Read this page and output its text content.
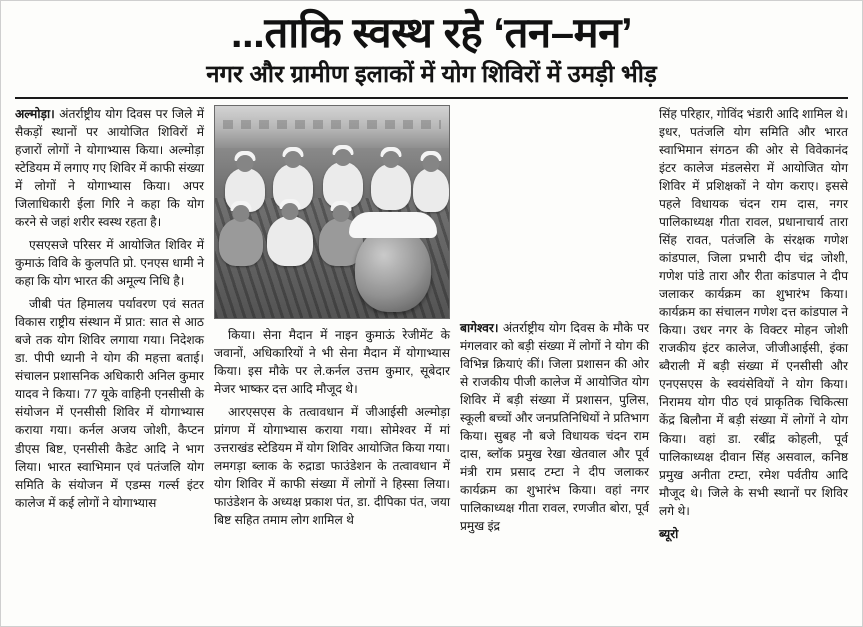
...ताकि स्वस्थ रहे ‘तन–मन’
नगर और ग्रामीण इलाकों में योग शिविरों में उमड़ी भीड़

अल्मोड़ा। अंतर्राष्ट्रीय योग दिवस पर जिले में सैकड़ों स्थानों पर आयोजित शिविरों में हजारों लोगों ने योगाभ्यास किया। अल्मोड़ा स्टेडियम में लगाए गए शिविर में काफी संख्या में लोगों ने योगाभ्यास किया। अपर जिलाधिकारी ईला गिरि ने कहा कि योग करने से जहां शरीर स्वस्थ रहता है।

एसएसजे परिसर में आयोजित शिविर में कुमाऊं विवि के कुलपति प्रो. एनएस धामी ने कहा कि योग भारत की अमूल्य निधि है।

जीबी पंत हिमालय पर्यावरण एवं सतत विकास राष्ट्रीय संस्थान में प्रात: सात से आठ बजे तक योग शिविर लगाया गया। निदेशक डा. पीपी ध्यानी ने योग की महत्ता बताई। संचालन प्रशासनिक अधिकारी अनिल कुमार यादव ने किया। 77 यूके वाहिनी एनसीसी के संयोजन में एनसीसी शिविर में योगाभ्यास कराया गया। कर्नल अजय जोशी, कैप्टन डीएस बिष्ट, एनसीसी कैडेट आदि ने भाग लिया। भारत स्वाभिमान एवं पतंजलि योग समिति के संयोजन में एडम्स गर्ल्स इंटर कालेज में कई लोगों ने योगाभ्यास

किया। सेना मैदान में नाइन कुमाऊं रेजीमेंट के जवानों, अधिकारियों ने भी सेना मैदान में योगाभ्यास किया। इस मौके पर ले.कर्नल उत्तम कुमार, सूबेदार मेजर भाष्कर दत्त आदि मौजूद थे।

आरएसएस के तत्वावधान में जीआईसी अल्मोड़ा प्रांगण में योगाभ्यास कराया गया। सोमेश्वर में मां उत्तराखंड स्टेडियम में योग शिविर आयोजित किया गया। लमगड़ा ब्लाक के रुद्राडा फाउंडेशन के तत्वावधान में योग शिविर में काफी संख्या में लोगों ने हिस्सा लिया। फाउंडेशन के अध्यक्ष प्रकाश पंत, डा. दीपिका पंत, जया बिष्ट सहित तमाम लोग शामिल थे

बागेश्वर। अंतर्राष्ट्रीय योग दिवस के मौके पर मंगलवार को बड़ी संख्या में लोगों ने योग की विभिन्न क्रियाएं कीं। जिला प्रशासन की ओर से राजकीय पीजी कालेज में आयोजित योग शिविर में बड़ी संख्या में प्रशासन, पुलिस, स्कूली बच्चों और जनप्रतिनिधियों ने प्रतिभाग किया। सुबह नौ बजे विधायक चंदन राम दास, ब्लॉक प्रमुख रेखा खेतवाल और पूर्व मंत्री राम प्रसाद टम्टा ने दीप जलाकर कार्यक्रम का शुभारंभ किया। वहां नगर पालिकाध्यक्ष गीता रावल, रणजीत बोरा, पूर्व प्रमुख इंद्र

सिंह परिहार, गोविंद भंडारी आदि शामिल थे। इधर, पतंजलि योग समिति और भारत स्वाभिमान संगठन की ओर से विवेकानंद इंटर कालेज मंडलसेरा में आयोजित योग शिविर में प्रशिक्षकों ने योग कराए। इससे पहले विधायक चंदन राम दास, नगर पालिकाध्यक्ष गीता रावल, प्रधानाचार्य तारा सिंह रावत, पतंजलि के संरक्षक गणेश कांडपाल, जिला प्रभारी दीप चंद्र जोशी, गणेश पांडे तारा और रीता कांडपाल ने दीप जलाकर कार्यक्रम का शुभारंभ किया। कार्यक्रम का संचालन गणेश दत्त कांडपाल ने किया। उधर नगर के विक्टर मोहन जोशी राजकीय इंटर कालेज, जीजीआईसी, इंका ब्वैराली में बड़ी संख्या में एनसीसी और एनएसएस के स्वयंसेवियों ने योग किया। निरामय योग पीठ एवं प्राकृतिक चिकित्सा केंद्र बिलौना में बड़ी संख्या में लोगों ने योग किया। वहां डा. रबींद्र कोहली, पूर्व पालिकाध्यक्ष दीवान सिंह असवाल, कनिष्ठ प्रमुख अनीता टम्टा, रमेश पर्वतीय आदि मौजूद थे। जिले के सभी स्थानों पर शिविर लगे थे।

ब्यूरो
